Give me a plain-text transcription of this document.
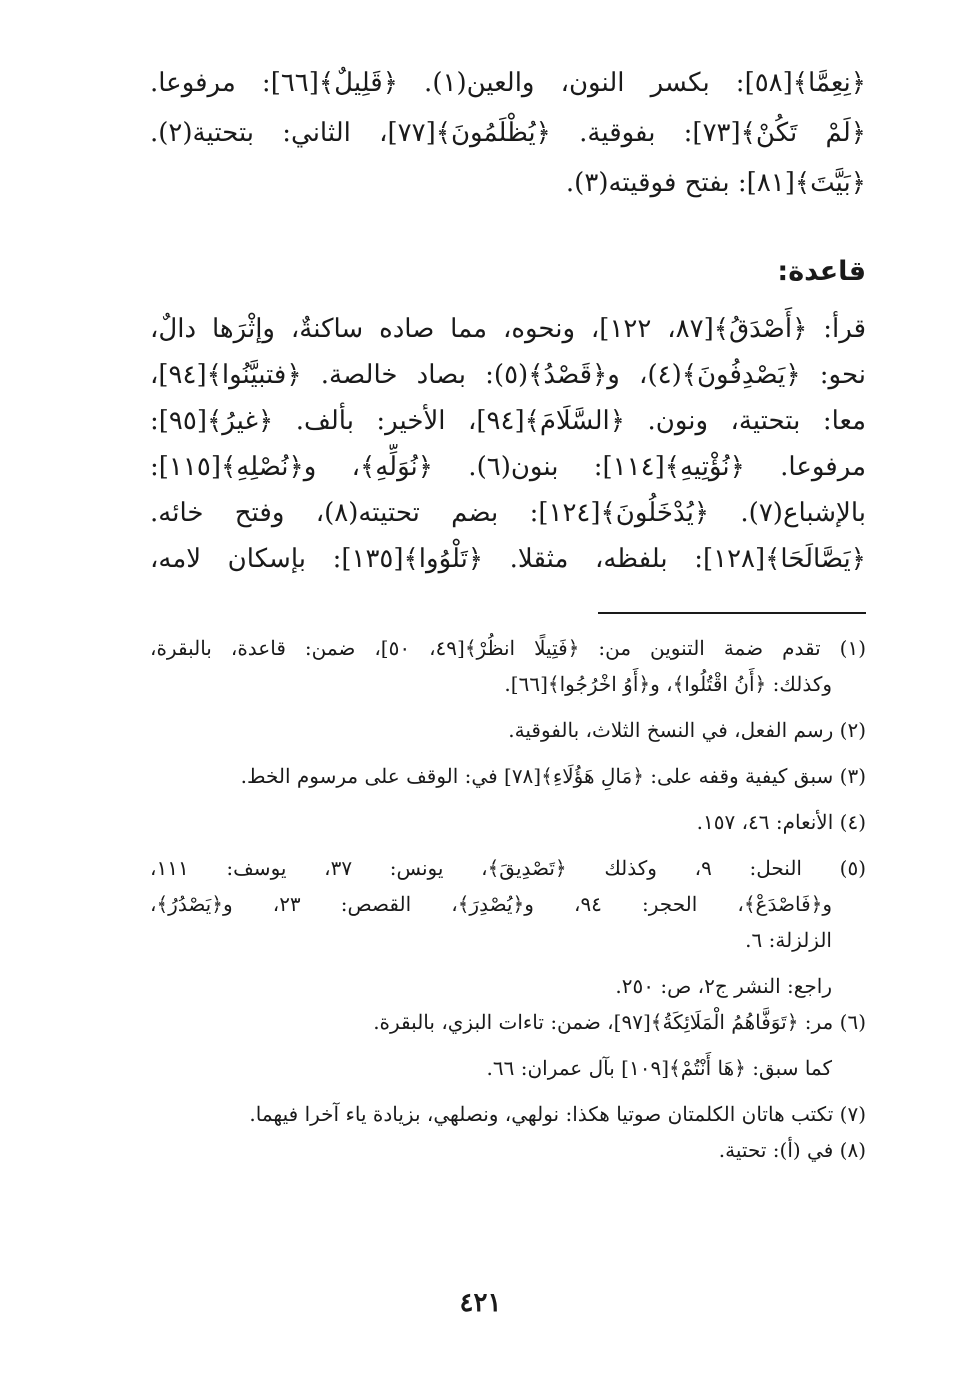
﴿نِعِمَّا﴾[٥٨]: بكسر النون، والعين(١). ﴿قَلِيلٌ﴾[٦٦]: مرفوعا.
﴿لَمْ تَكُنْ﴾[٧٣]: بفوقية. ﴿يُظْلَمُونَ﴾[٧٧]، الثاني: بتحتية(٢).
﴿بَيَّتَ﴾[٨١]: بفتح فوقيته(٣).
قاعدة:
قرأ: ﴿أَصْدَقُ﴾[٨٧، ١٢٢]، ونحوه، مما صاده ساكنةٌ، وإثْرَها دالٌ،
نحو: ﴿يَصْدِفُونَ﴾(٤)، و﴿قَصْدُ﴾(٥): بصاد خالصة. ﴿فتبيَّنُوا﴾[٩٤]،
معا: بتحتية، ونون. ﴿السَّلَامَ﴾[٩٤]، الأخير: بألف. ﴿غيرُ﴾[٩٥]:
مرفوعا. ﴿نُؤْتِيهِ﴾[١١٤]: بنون(٦). ﴿نُوَلِّهِ﴾، و﴿نُصْلِهِ﴾[١١٥]:
بالإشباع(٧). ﴿يُدْخَلُونَ﴾[١٢٤]: بضم تحتيته(٨)، وفتح خائه.
﴿يَصَّالَحَا﴾[١٢٨]: بلفظه، مثقلا. ﴿تَلْوُوا﴾[١٣٥]: بإسكان لامه،
(١) تقدم ضمة التنوين من: ﴿فَتِيلًا انظُرْ﴾[٤٩، ٥٠]، ضمن: قاعدة، بالبقرة،
وكذلك: ﴿أَنُ اقْتُلُوا﴾، و﴿أَوُ اخْرُجُوا﴾[٦٦].
(٢) رسم الفعل، في النسخ الثلاث، بالفوقية.
(٣) سبق كيفية وقفه على: ﴿مَالِ هَؤُلَاءِ﴾[٧٨] في: الوقف على مرسوم الخط.
(٤) الأنعام: ٤٦، ١٥٧.
(٥) النحل: ٩، وكذلك ﴿تَصْدِيقَ﴾، يونس: ٣٧، يوسف: ١١١،
و﴿فَاصْدَعْ﴾، الحجر: ٩٤، و﴿يُصْدِرَ﴾، القصص: ٢٣، و﴿يَصْدُرُ﴾،
الزلزلة: ٦.
راجع: النشر ج٢، ص: ٢٥٠.
(٦) مر: ﴿تَوَفَّاهُمُ الْمَلَائِكَةُ﴾[٩٧]، ضمن: تاءات البزي، بالبقرة.
كما سبق: ﴿هَا أَنْتُمْ﴾[١٠٩] بآل عمران: ٦٦.
(٧) تكتب هاتان الكلمتان صوتيا هكذا: نولهي، ونصلهي، بزيادة ياء آخرا فيهما.
(٨) في (أ): تحتية.
٤٢١
